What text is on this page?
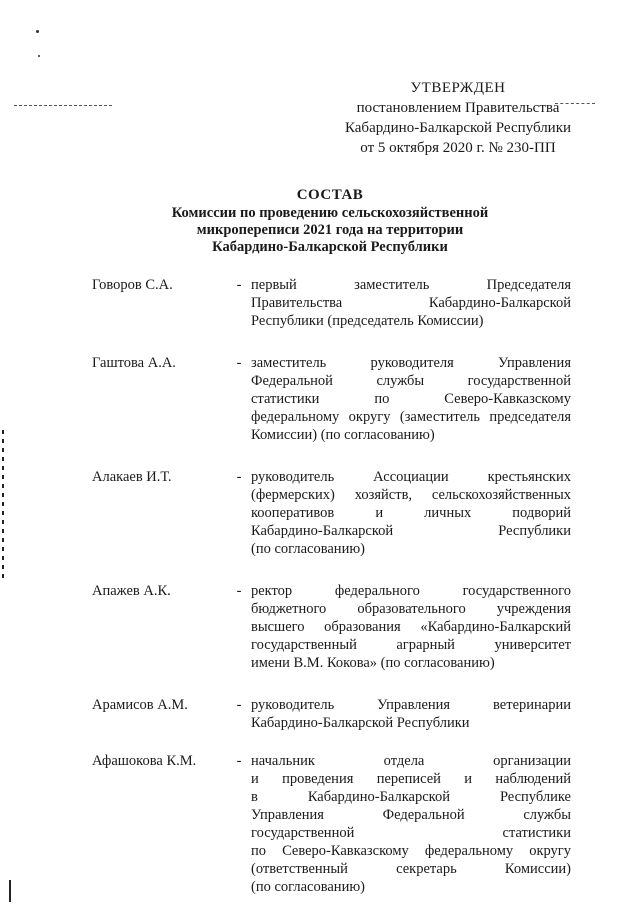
УТВЕРЖДЕН
постановлением Правительства
Кабардино-Балкарской Республики
от 5 октября 2020 г. № 230-ПП
СОСТАВ
Комиссии по проведению сельскохозяйственной
микропереписи 2021 года на территории
Кабардино-Балкарской Республики
Говоров С.А.	- первый заместитель Председателя
Правительства Кабардино-Балкарской
Республики (председатель Комиссии)
Гаштова А.А.	- заместитель руководителя Управления
Федеральной службы государственной
статистики по Северо-Кавказскому
федеральному округу (заместитель председателя
Комиссии) (по согласованию)
Алакаев И.Т.	- руководитель Ассоциации крестьянских
(фермерских) хозяйств, сельскохозяйственных
кооперативов и личных подворий
Кабардино-Балкарской Республики
(по согласованию)
Апажев А.К.	- ректор федерального государственного
бюджетного образовательного учреждения
высшего образования «Кабардино-Балкарский
государственный аграрный университет
имени В.М. Кокова» (по согласованию)
Арамисов А.М.	- руководитель Управления ветеринарии
Кабардино-Балкарской Республики
Афашокова К.М.	- начальник отдела организации
и проведения переписей и наблюдений
в Кабардино-Балкарской Республике
Управления Федеральной службы
государственной статистики
по Северо-Кавказскому федеральному округу
(ответственный секретарь Комиссии)
(по согласованию)
